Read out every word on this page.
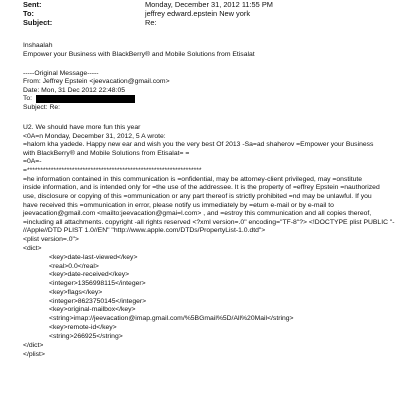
Sent:	Monday, December 31, 2012 11:55 PM
To:	jeffrey edward.epstein New york
Subject:	Re:
Inshaalah
Empower your Business with BlackBerry® and Mobile Solutions from Etisalat
-----Original Message-----
From: Jeffrey Epstein <jeevacation@gmail.com>
Date: Mon, 31 Dec 2012 22:48:05
To:
Subject: Re:
U2. We should have more fun this year
<0A=n Monday, December 31, 2012, 5 A wrote:
=halom kha yadede. Happy new ear and wish you the very best Of 2013 -Sa=ad shaherov =Empower your Business
with BlackBerry® and Mobile Solutions from Etisalat= =
=0A=-
=******************************************************************
=he information contained in this communication is =onfidential, may be attorney-client privileged, may =onstitute
inside information, and is intended only for =the use of the addressee. It is the property of =effrey Epstein =nauthorized
use, disclosure or copying of this =ommunication or any part thereof is strictly prohibited =nd may be unlawful. If you
have received this =ommunication in error, please notify us immediately by =eturn e-mail or by e-mail to
jeevacation@gmail.com <mailto:jeevacation@gmai=l.com> , and =estroy this communication and all copies thereof,
=including all attachments. copyright -all rights reserved <?xml version=.0" encoding="TF-8"?> <!DOCTYPE plist PUBLIC "-
//Apple//DTD PLIST 1.0//EN" "http://www.apple.com/DTDs/PropertyList-1.0.dtd">
<plist version=.0">
<dict>
<key>date-last-viewed</key>
<real>0.0</real>
<key>date-received</key>
<integer>1356998115</integer>
<key>flags</key>
<integer>8623750145</integer>
<key>original-mailbox</key>
<string>imap://jeevacation@imap.gmail.com/%5BGmail%5D/All%20Mail</string>
<key>remote-id</key>
<string>266925</string>
</dict>
</plist>
